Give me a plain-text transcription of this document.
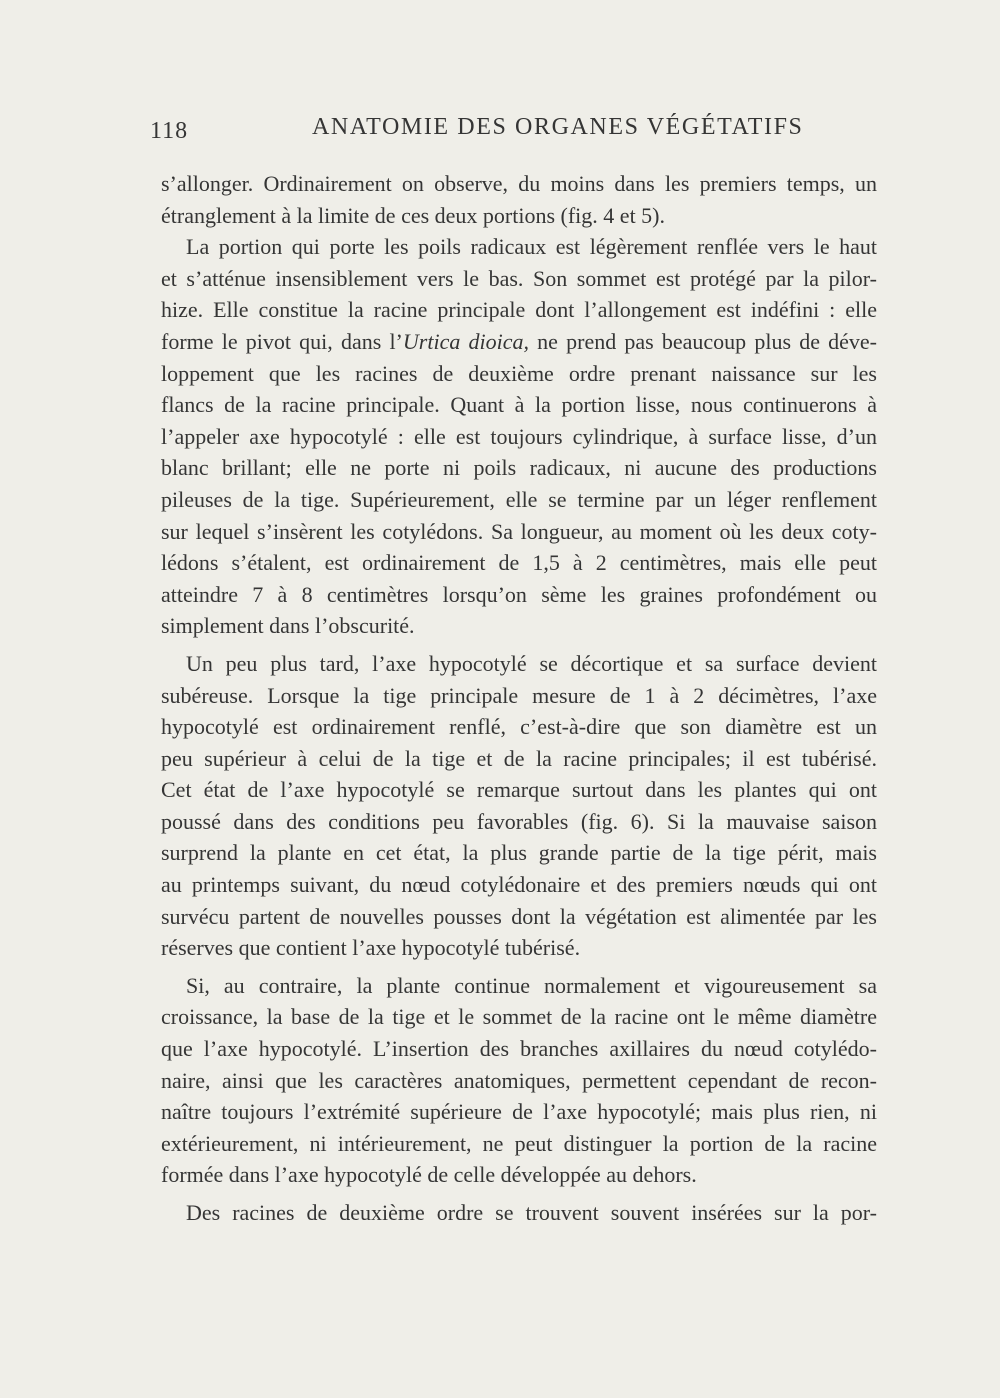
118	ANATOMIE DES ORGANES VÉGÉTATIFS
s’allonger. Ordinairement on observe, du moins dans les premiers temps, un
étranglement à la limite de ces deux portions (fig. 4 et 5).
La portion qui porte les poils radicaux est légèrement renflée vers le haut
et s’atténue insensiblement vers le bas. Son sommet est protégé par la pilor-
hize. Elle constitue la racine principale dont l’allongement est indéfini : elle
forme le pivot qui, dans l’Urtica dioica, ne prend pas beaucoup plus de déve-
loppement que les racines de deuxième ordre prenant naissance sur les
flancs de la racine principale. Quant à la portion lisse, nous continuerons à
l’appeler axe hypocotylé : elle est toujours cylindrique, à surface lisse, d’un
blanc brillant; elle ne porte ni poils radicaux, ni aucune des productions
pileuses de la tige. Supérieurement, elle se termine par un léger renflement
sur lequel s’insèrent les cotylédons. Sa longueur, au moment où les deux coty-
lédons s’étalent, est ordinairement de 1,5 à 2 centimètres, mais elle peut
atteindre 7 à 8 centimètres lorsqu’on sème les graines profondément ou
simplement dans l’obscurité.
Un peu plus tard, l’axe hypocotylé se décortique et sa surface devient
subéreuse. Lorsque la tige principale mesure de 1 à 2 décimètres, l’axe
hypocotylé est ordinairement renflé, c’est-à-dire que son diamètre est un
peu supérieur à celui de la tige et de la racine principales; il est tubérisé.
Cet état de l’axe hypocotylé se remarque surtout dans les plantes qui ont
poussé dans des conditions peu favorables (fig. 6). Si la mauvaise saison
surprend la plante en cet état, la plus grande partie de la tige périt, mais
au printemps suivant, du nœud cotylédonaire et des premiers nœuds qui ont
survécu partent de nouvelles pousses dont la végétation est alimentée par les
réserves que contient l’axe hypocotylé tubérisé.
Si, au contraire, la plante continue normalement et vigoureusement sa
croissance, la base de la tige et le sommet de la racine ont le même diamètre
que l’axe hypocotylé. L’insertion des branches axillaires du nœud cotylédo-
naire, ainsi que les caractères anatomiques, permettent cependant de recon-
naître toujours l’extrémité supérieure de l’axe hypocotylé; mais plus rien, ni
extérieurement, ni intérieurement, ne peut distinguer la portion de la racine
formée dans l’axe hypocotylé de celle développée au dehors.
Des racines de deuxième ordre se trouvent souvent insérées sur la por-
